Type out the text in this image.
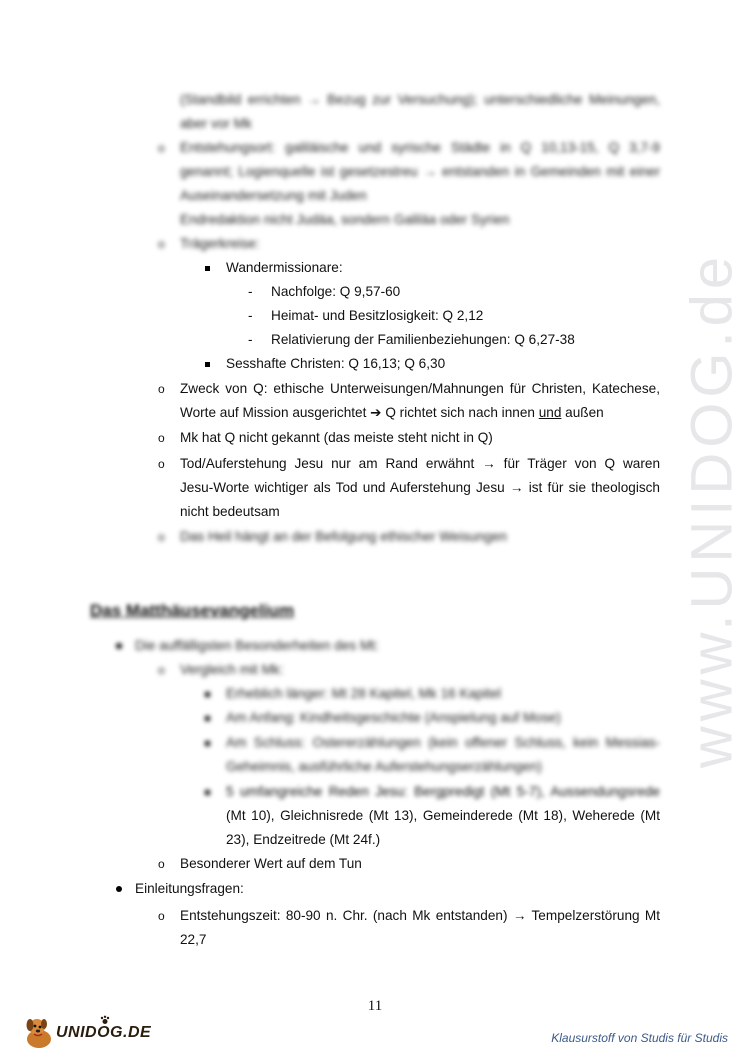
www.UNIDOG.de
(Standbild errichten → Bezug zur Versuchung); unterschiedliche Meinungen,
aber vor Mk
o Entstehungsort: galiläische und syrische Städte in Q 10,13-15, Q 3,7-9
genannt; Logienquelle ist gesetzestreu → entstanden in Gemeinden mit einer
Auseinandersetzung mit Juden
Endredaktion nicht Judäa, sondern Galiläa oder Syrien
o Trägerkreise:
Wandermissionare:
- Nachfolge: Q 9,57-60
- Heimat- und Besitzlosigkeit: Q 2,12
- Relativierung der Familienbeziehungen: Q 6,27-38
Sesshafte Christen: Q 16,13; Q 6,30
o Zweck von Q: ethische Unterweisungen/Mahnungen für Christen, Katechese,
Worte auf Mission ausgerichtet ➔ Q richtet sich nach innen und außen
o Mk hat Q nicht gekannt (das meiste steht nicht in Q)
o Tod/Auferstehung Jesu nur am Rand erwähnt → für Träger von Q waren
Jesu-Worte wichtiger als Tod und Auferstehung Jesu → ist für sie theologisch
nicht bedeutsam
o Das Heil hängt an der Befolgung ethischer Weisungen
Das Matthäusevangelium
Die auffälligsten Besonderheiten des Mt:
o Vergleich mit Mk:
Erheblich länger: Mt 28 Kapitel, Mk 16 Kapitel
Am Anfang: Kindheitsgeschichte (Anspielung auf Mose)
Am Schluss: Ostererzählungen (kein offener Schluss, kein Messias-
Geheimnis, ausführliche Auferstehungserzählungen)
5 umfangreiche Reden Jesu: Bergpredigt (Mt 5-7), Aussendungsrede
(Mt 10), Gleichnisrede (Mt 13), Gemeinderede (Mt 18), Weherede (Mt
23), Endzeitrede (Mt 24f.)
o Besonderer Wert auf dem Tun
Einleitungsfragen:
o Entstehungszeit: 80-90 n. Chr. (nach Mk entstanden) → Tempelzerstörung Mt
22,7
11
UNIDOG.DE	Klausurstoff von Studis für Studis
